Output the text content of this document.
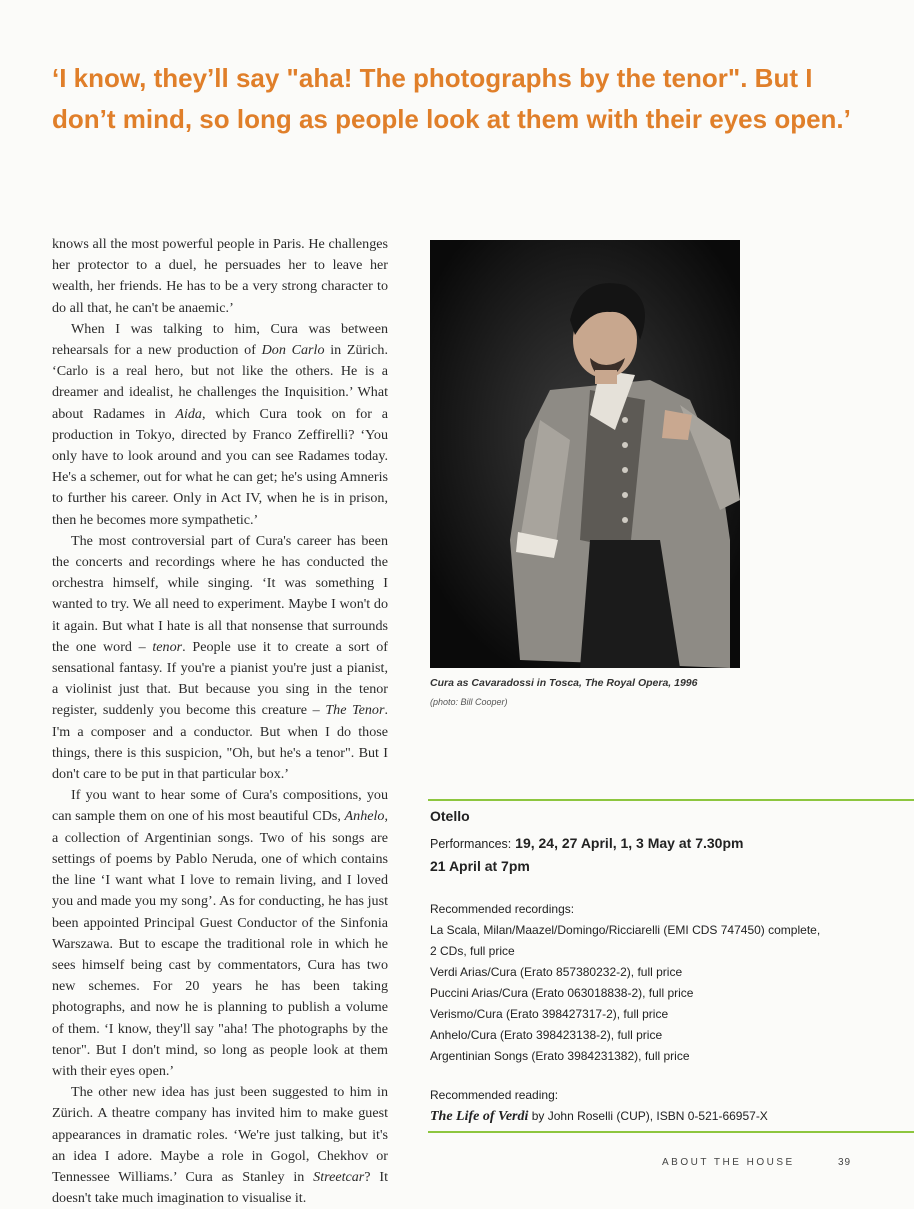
‘I know, they’ll say "aha! The photographs by the tenor". But I don’t mind, so long as people look at them with their eyes open.’

knows all the most powerful people in Paris. He challenges her protector to a duel, he persuades her to leave her wealth, her friends. He has to be a very strong character to do all that, he can't be anaemic.’

When I was talking to him, Cura was between rehearsals for a new production of Don Carlo in Zürich. ‘Carlo is a real hero, but not like the others. He is a dreamer and idealist, he challenges the Inquisition.’ What about Radames in Aida, which Cura took on for a production in Tokyo, directed by Franco Zeffirelli? ‘You only have to look around and you can see Radames today. He's a schemer, out for what he can get; he's using Amneris to further his career. Only in Act IV, when he is in prison, then he becomes more sympathetic.’

The most controversial part of Cura's career has been the concerts and recordings where he has conducted the orchestra himself, while singing. ‘It was something I wanted to try. We all need to experiment. Maybe I won't do it again. But what I hate is all that nonsense that surrounds the one word – tenor. People use it to create a sort of sensational fantasy. If you're a pianist you're just a pianist, a violinist just that. But because you sing in the tenor register, suddenly you become this creature – The Tenor. I'm a composer and a conductor. But when I do those things, there is this suspicion, "Oh, but he's a tenor". But I don't care to be put in that particular box.’

If you want to hear some of Cura's compositions, you can sample them on one of his most beautiful CDs, Anhelo, a collection of Argentinian songs. Two of his songs are settings of poems by Pablo Neruda, one of which contains the line ‘I want what I love to remain living, and I loved you and made you my song’. As for conducting, he has just been appointed Principal Guest Conductor of the Sinfonia Warszawa. But to escape the traditional role in which he sees himself being cast by commentators, Cura has two new schemes. For 20 years he has been taking photographs, and now he is planning to publish a volume of them. ‘I know, they'll say "aha! The photographs by the tenor". But I don't mind, so long as people look at them with their eyes open.’

The other new idea has just been suggested to him in Zürich. A theatre company has invited him to make guest appearances in dramatic roles. ‘We're just talking, but it's an idea I adore. Maybe a role in Gogol, Chekhov or Tennessee Williams.’ Cura as Stanley in Streetcar? It doesn't take much imagination to visualise it.

Cura as Cavaradossi in Tosca, The Royal Opera, 1996
(photo: Bill Cooper)
Otello
Performances: 19, 24, 27 April, 1, 3 May at 7.30pm
21 April at 7pm
Recommended recordings:
La Scala, Milan/Maazel/Domingo/Ricciarelli (EMI CDS 747450) complete,
2 CDs, full price
Verdi Arias/Cura (Erato 857380232-2), full price
Puccini Arias/Cura (Erato 063018838-2), full price
Verismo/Cura (Erato 398427317-2), full price
Anhelo/Cura (Erato 398423138-2), full price
Argentinian Songs (Erato 3984231382), full price
Recommended reading:
The Life of Verdi by John Roselli (CUP), ISBN 0-521-66957-X
ABOUT THE HOUSE	39
